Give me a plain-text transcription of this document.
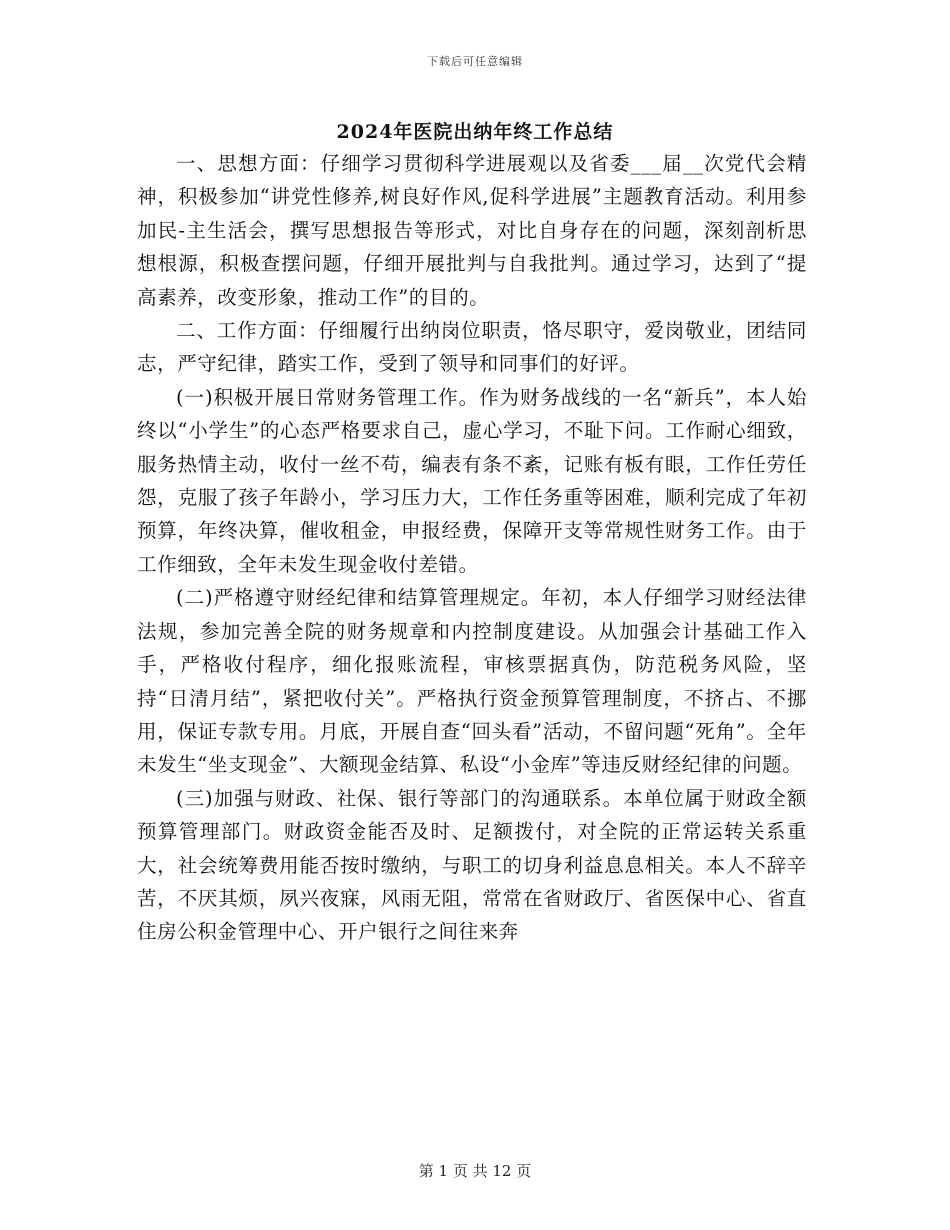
下载后可任意编辑
2024年医院出纳年终工作总结

一、思想方面：仔细学习贯彻科学进展观以及省委___届__次党代会精神，积极参加“讲党性修养,树良好作风,促科学进展”主题教育活动。利用参加民-主生活会，撰写思想报告等形式，对比自身存在的问题，深刻剖析思想根源，积极查摆问题，仔细开展批判与自我批判。通过学习，达到了“提高素养，改变形象，推动工作”的目的。

二、工作方面：仔细履行出纳岗位职责，恪尽职守，爱岗敬业，团结同志，严守纪律，踏实工作，受到了领导和同事们的好评。

(一)积极开展日常财务管理工作。作为财务战线的一名“新兵”，本人始终以“小学生”的心态严格要求自己，虚心学习，不耻下问。工作耐心细致，服务热情主动，收付一丝不苟，编表有条不紊，记账有板有眼，工作任劳任怨，克服了孩子年龄小，学习压力大，工作任务重等困难，顺利完成了年初预算，年终决算，催收租金，申报经费，保障开支等常规性财务工作。由于工作细致，全年未发生现金收付差错。

(二)严格遵守财经纪律和结算管理规定。年初，本人仔细学习财经法律法规，参加完善全院的财务规章和内控制度建设。从加强会计基础工作入手，严格收付程序，细化报账流程，审核票据真伪，防范税务风险，坚持“日清月结”，紧把收付关”。严格执行资金预算管理制度，不挤占、不挪用，保证专款专用。月底，开展自查“回头看”活动，不留问题“死角”。全年未发生“坐支现金”、大额现金结算、私设“小金库”等违反财经纪律的问题。

(三)加强与财政、社保、银行等部门的沟通联系。本单位属于财政全额预算管理部门。财政资金能否及时、足额拨付，对全院的正常运转关系重大，社会统筹费用能否按时缴纳，与职工的切身利益息息相关。本人不辞辛苦，不厌其烦，夙兴夜寐，风雨无阻，常常在省财政厅、省医保中心、省直住房公积金管理中心、开户银行之间往来奔

第 1 页 共 12 页
